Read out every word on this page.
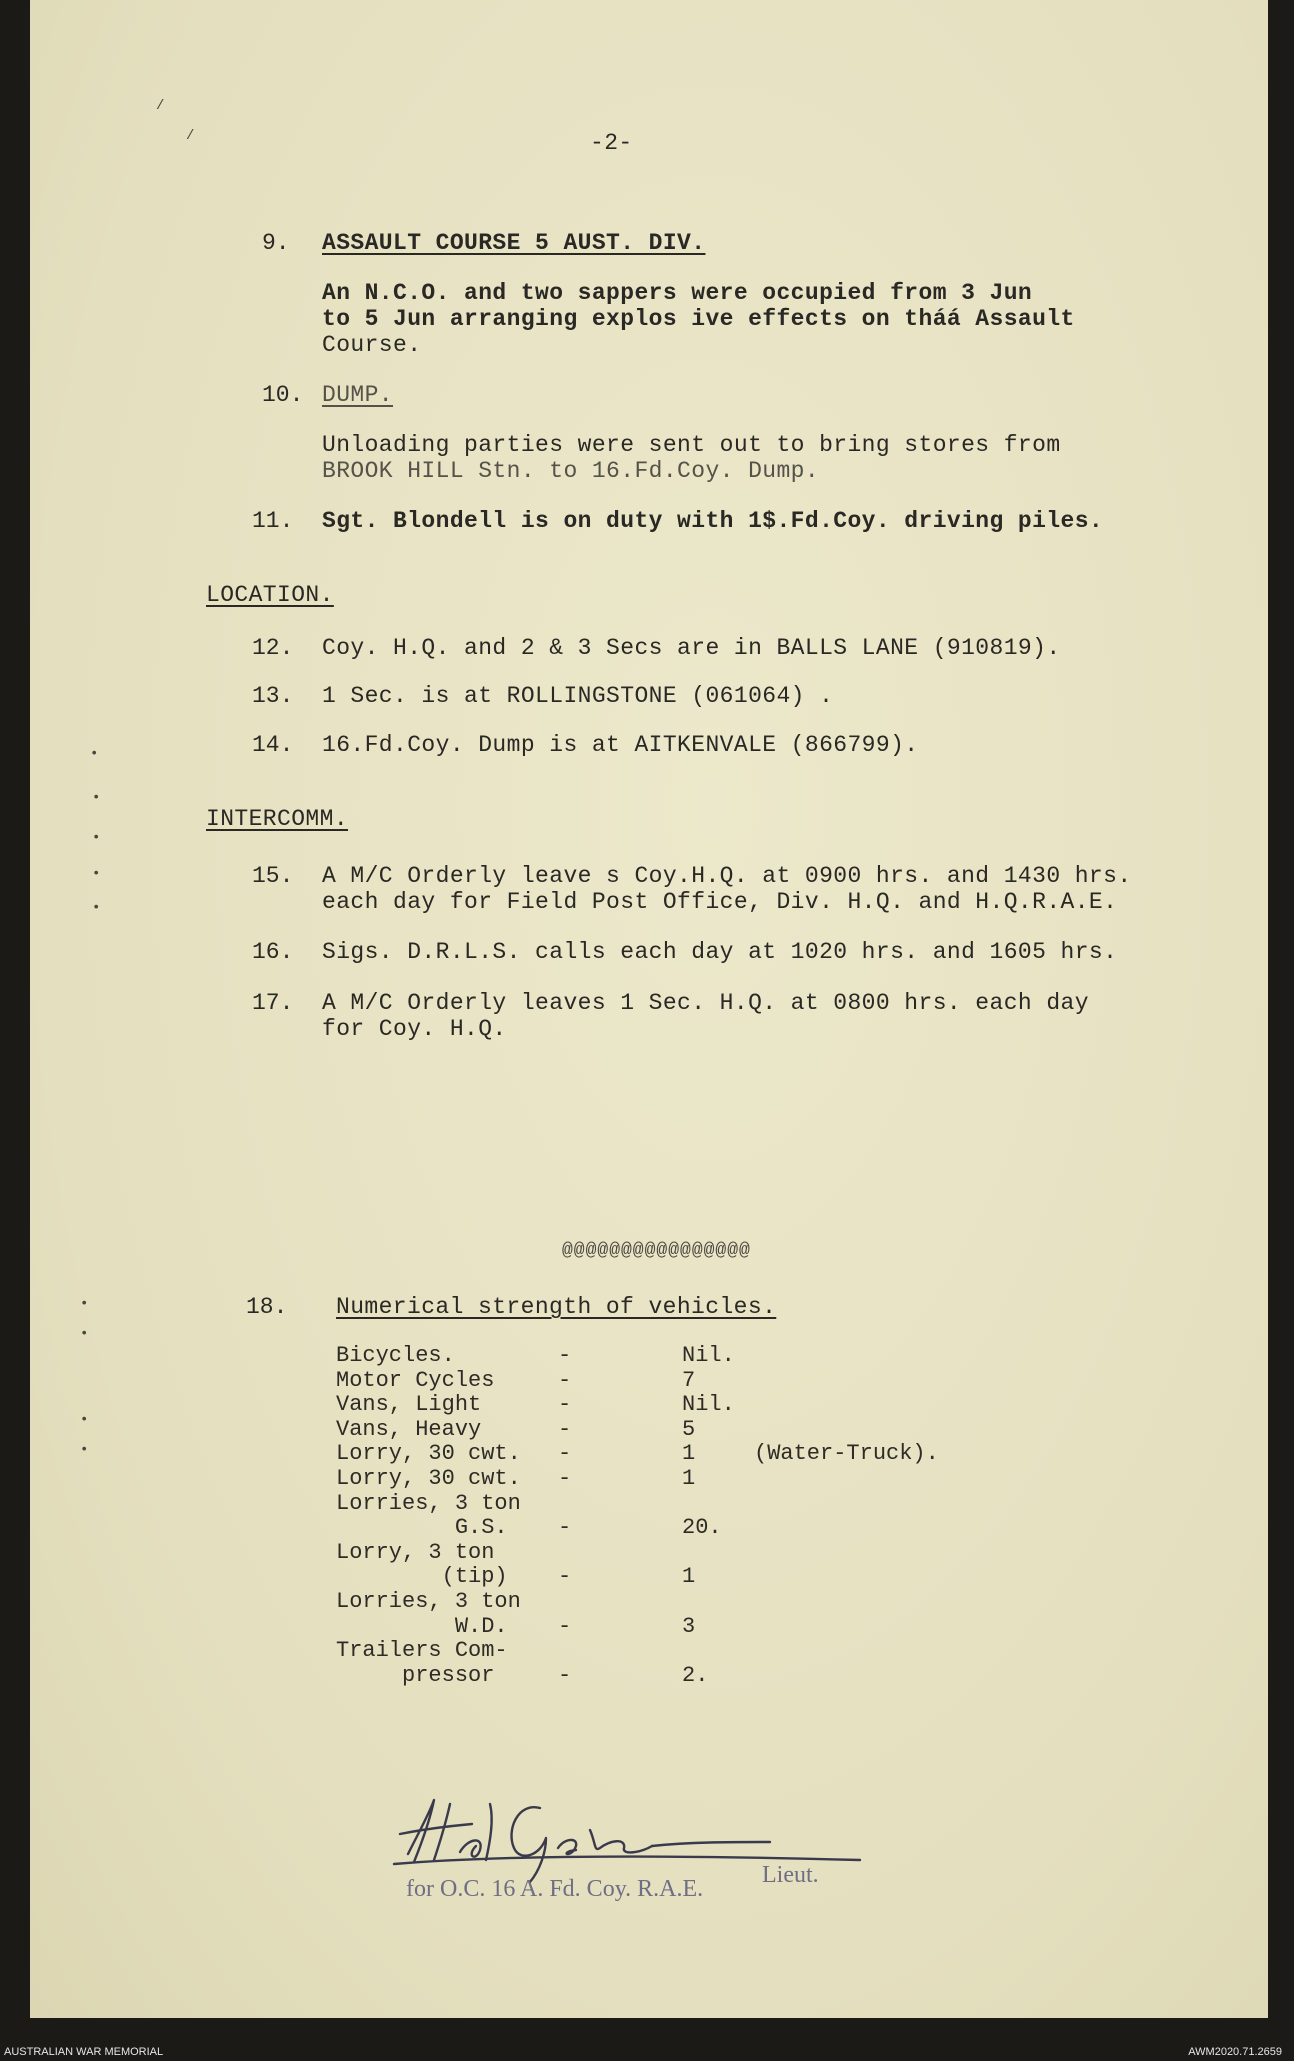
/
/	-2-
9. ASSAULT COURSE 5 AUST. DIV.
An N.C.O. and two sappers were occupied from 3 Jun
to 5 Jun arranging explos ive effects on tháá Assault
Course.
10. DUMP.
Unloading parties were sent out to bring stores from
BROOK HILL Stn. to 16.Fd.Coy. Dump.
11. Sgt. Blondell is on duty with 1$.Fd.Coy. driving piles.
LOCATION.
12. Coy. H.Q. and 2 & 3 Secs are in BALLS LANE (910819).
13. 1 Sec. is at ROLLINGSTONE (061064) .
14. 16.Fd.Coy. Dump is at AITKENVALE (866799).
•
•
•
•
•
INTERCOMM.
15. A M/C Orderly leave s Coy.H.Q. at 0900 hrs. and 1430 hrs.
each day for Field Post Office, Div. H.Q. and H.Q.R.A.E.
16. Sigs. D.R.L.S. calls each day at 1020 hrs. and 1605 hrs.
17. A M/C Orderly leaves 1 Sec. H.Q. at 0800 hrs. each day
for Coy. H.Q.
@@@@@@@@@@@@@@@@
18. Numerical strength of vehicles.
Bicycles.	-	Nil.
Motor Cycles	-	7
Vans, Light	-	Nil.
Vans, Heavy	-	5
Lorry, 30 cwt. -	1	(Water-Truck).
Lorry, 30 cwt. -	1
Lorries, 3 ton
G.S. -	20.
Lorry, 3 ton
(tip) -	1
Lorries, 3 ton
W.D. -	3
Trailers Com-
pressor	-	2.
•
•
•
•

for O.C. 16 A. Fd. Coy. R.A.E.

Lieut.

AUSTRALIAN WAR MEMORIAL	AWM2020.71.2659
